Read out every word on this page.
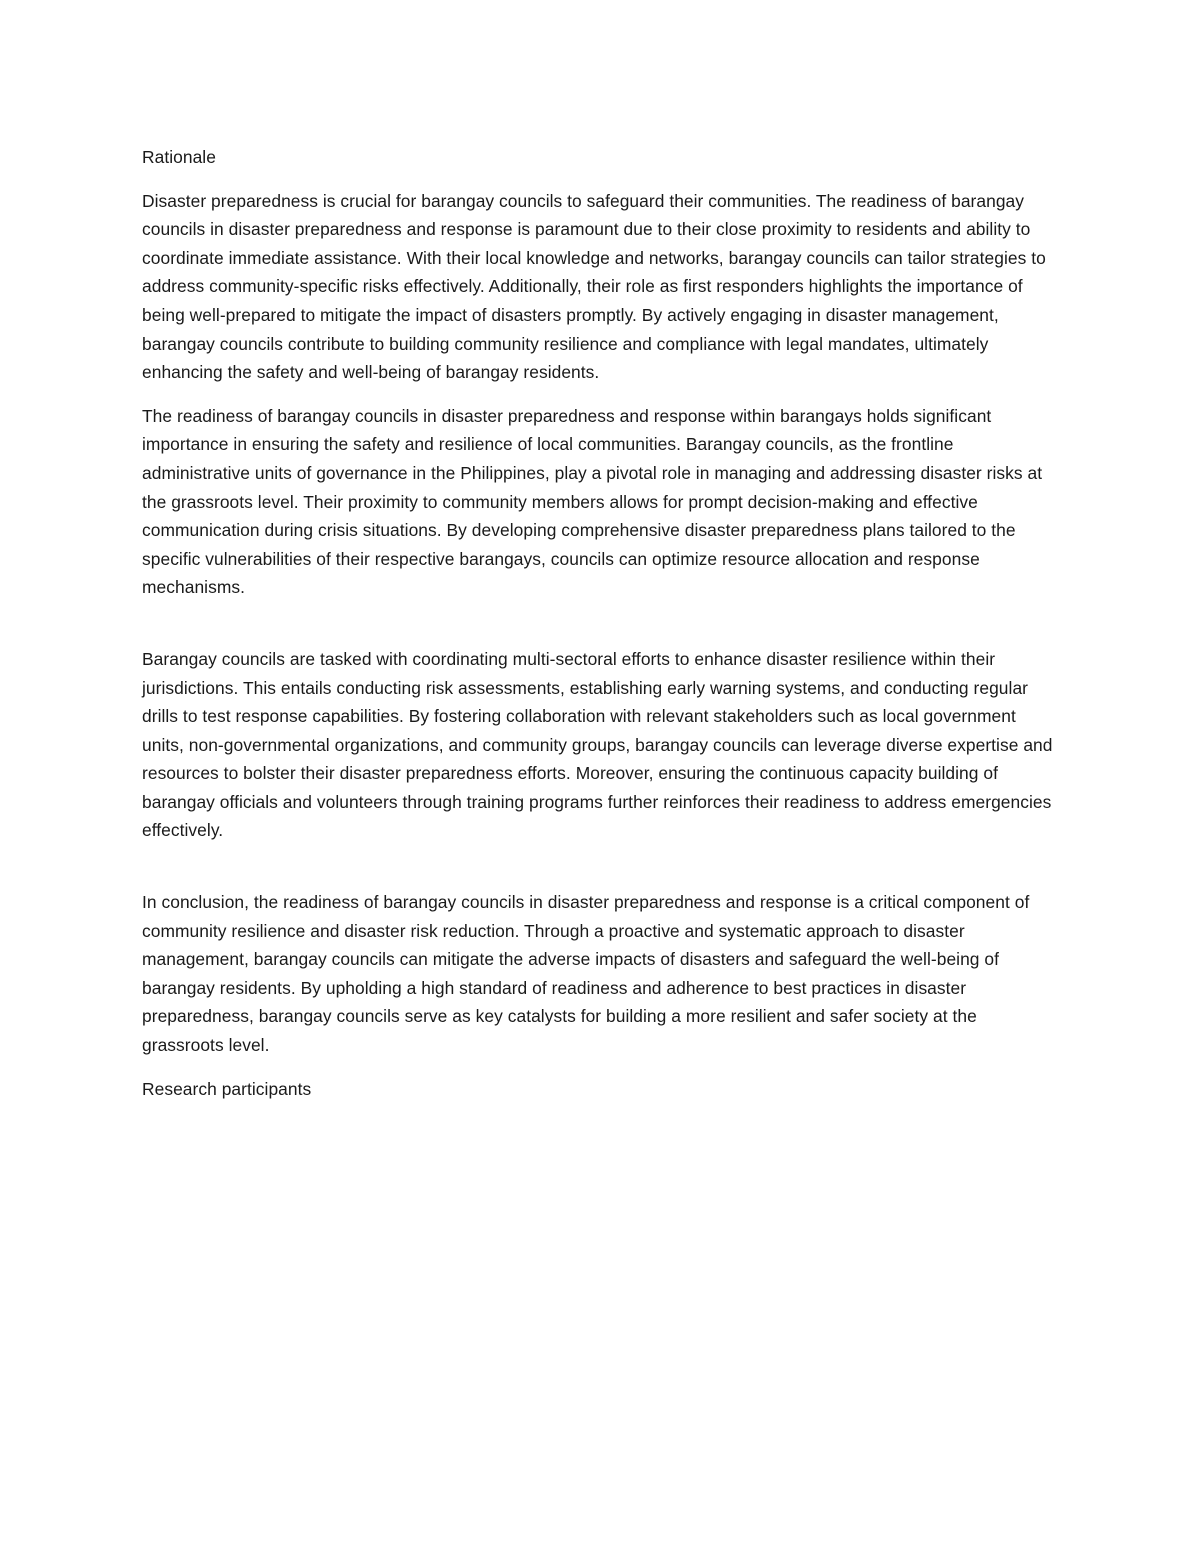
Rationale

Disaster preparedness is crucial for barangay councils to safeguard their communities. The readiness of barangay councils in disaster preparedness and response is paramount due to their close proximity to residents and ability to coordinate immediate assistance. With their local knowledge and networks, barangay councils can tailor strategies to address community-specific risks effectively. Additionally, their role as first responders highlights the importance of being well-prepared to mitigate the impact of disasters promptly. By actively engaging in disaster management, barangay councils contribute to building community resilience and compliance with legal mandates, ultimately enhancing the safety and well-being of barangay residents.

The readiness of barangay councils in disaster preparedness and response within barangays holds significant importance in ensuring the safety and resilience of local communities. Barangay councils, as the frontline administrative units of governance in the Philippines, play a pivotal role in managing and addressing disaster risks at the grassroots level. Their proximity to community members allows for prompt decision-making and effective communication during crisis situations. By developing comprehensive disaster preparedness plans tailored to the specific vulnerabilities of their respective barangays, councils can optimize resource allocation and response mechanisms.

Barangay councils are tasked with coordinating multi-sectoral efforts to enhance disaster resilience within their jurisdictions. This entails conducting risk assessments, establishing early warning systems, and conducting regular drills to test response capabilities. By fostering collaboration with relevant stakeholders such as local government units, non-governmental organizations, and community groups, barangay councils can leverage diverse expertise and resources to bolster their disaster preparedness efforts. Moreover, ensuring the continuous capacity building of barangay officials and volunteers through training programs further reinforces their readiness to address emergencies effectively.

In conclusion, the readiness of barangay councils in disaster preparedness and response is a critical component of community resilience and disaster risk reduction. Through a proactive and systematic approach to disaster management, barangay councils can mitigate the adverse impacts of disasters and safeguard the well-being of barangay residents. By upholding a high standard of readiness and adherence to best practices in disaster preparedness, barangay councils serve as key catalysts for building a more resilient and safer society at the grassroots level.

Research participants
